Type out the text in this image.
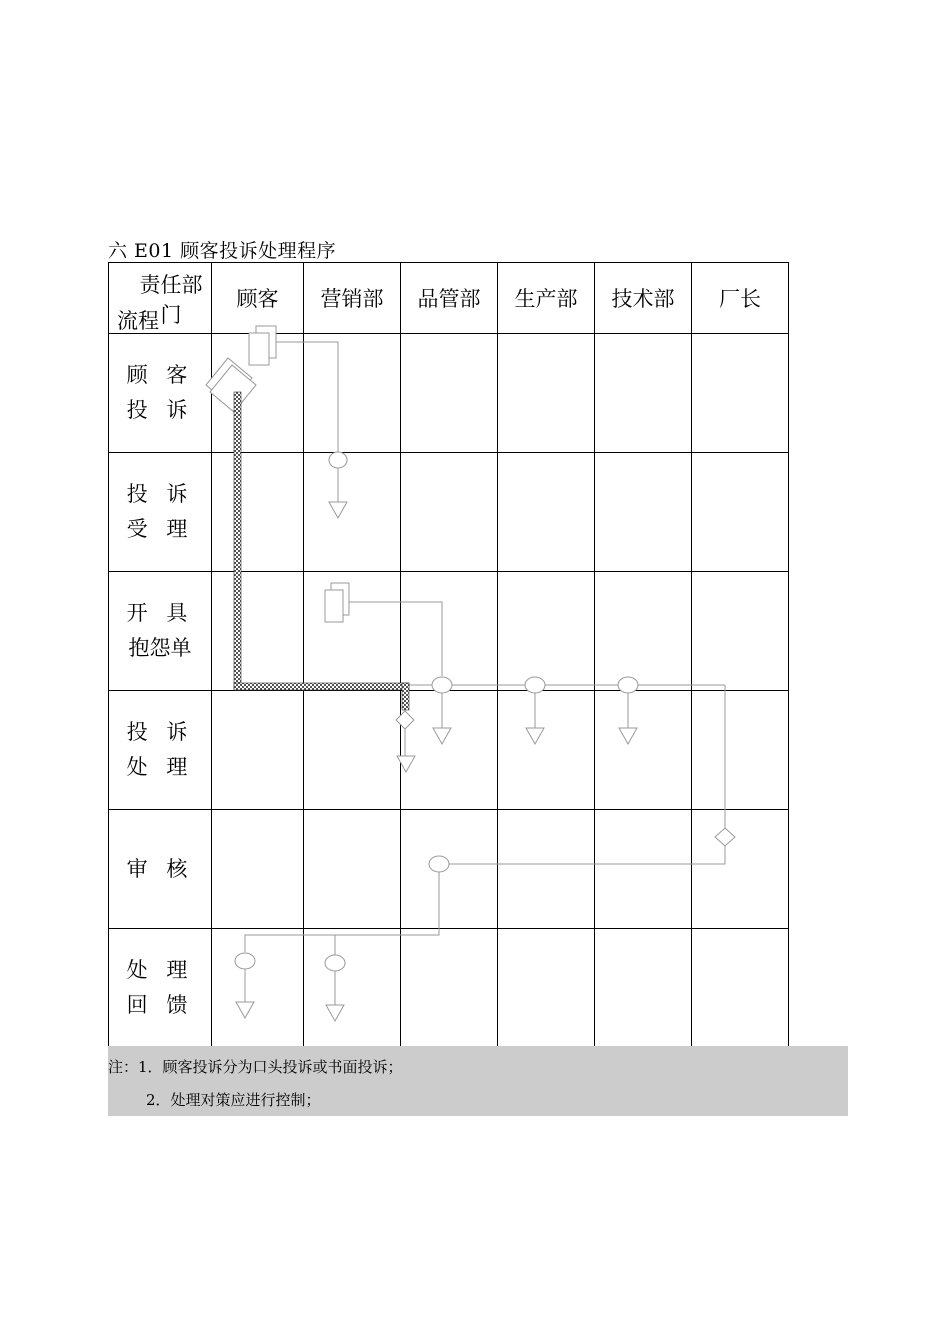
六 E01 顾客投诉处理程序
责任部门
流程	顾客	营销部	品管部	生产部	技术部	厂长

顾 客
投 诉						

投 诉
受 理						

开 具
抱怨单						

投 诉
处 理						

审 核						

处 理
回 馈						

注：1．顾客投诉分为口头投诉或书面投诉；
2．处理对策应进行控制；
